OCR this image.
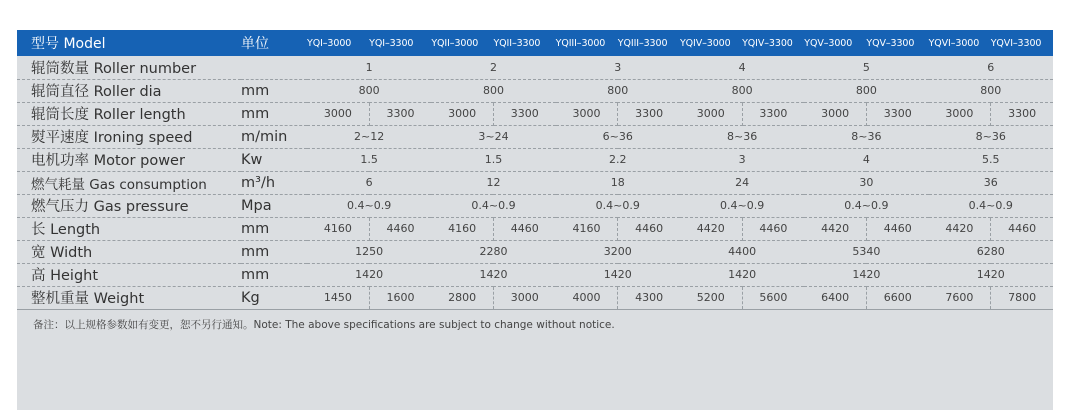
型号 Model	单位	YQI–3000	YQI–3300	YQII–3000	YQII–3300	YQIII–3000	YQIII–3300	YQIV–3000	YQIV–3300	YQV–3000	YQV–3300	YQVI–3000	YQVI–3300
辊筒数量 Roller number		1		2		3		4		5		6	
辊筒直径 Roller dia	mm	800		800		800		800		800		800	
辊筒长度 Roller length	mm	3000	3300	3000	3300	3000	3300	3000	3300	3000	3300	3000	3300
熨平速度 Ironing speed	m/min	2~12		3~24		6~36		8~36		8~36		8~36	
电机功率 Motor power	Kw	1.5		1.5		2.2		3		4		5.5	
燃气耗量 Gas consumption	m³/h	6		12		18		24		30		36	
燃气压力 Gas pressure	Mpa	0.4~0.9		0.4~0.9		0.4~0.9		0.4~0.9		0.4~0.9		0.4~0.9	
长 Length	mm	4160	4460	4160	4460	4160	4460	4420	4460	4420	4460	4420	4460
宽 Width	mm	1250		2280		3200		4400		5340		6280	
高 Height	mm	1420		1420		1420		1420		1420		1420	
整机重量 Weight	Kg	1450	1600	2800	3000	4000	4300	5200	5600	6400	6600	7600	7800
备注：以上规格参数如有变更，恕不另行通知。Note: The above specifications are subject to change without notice.
